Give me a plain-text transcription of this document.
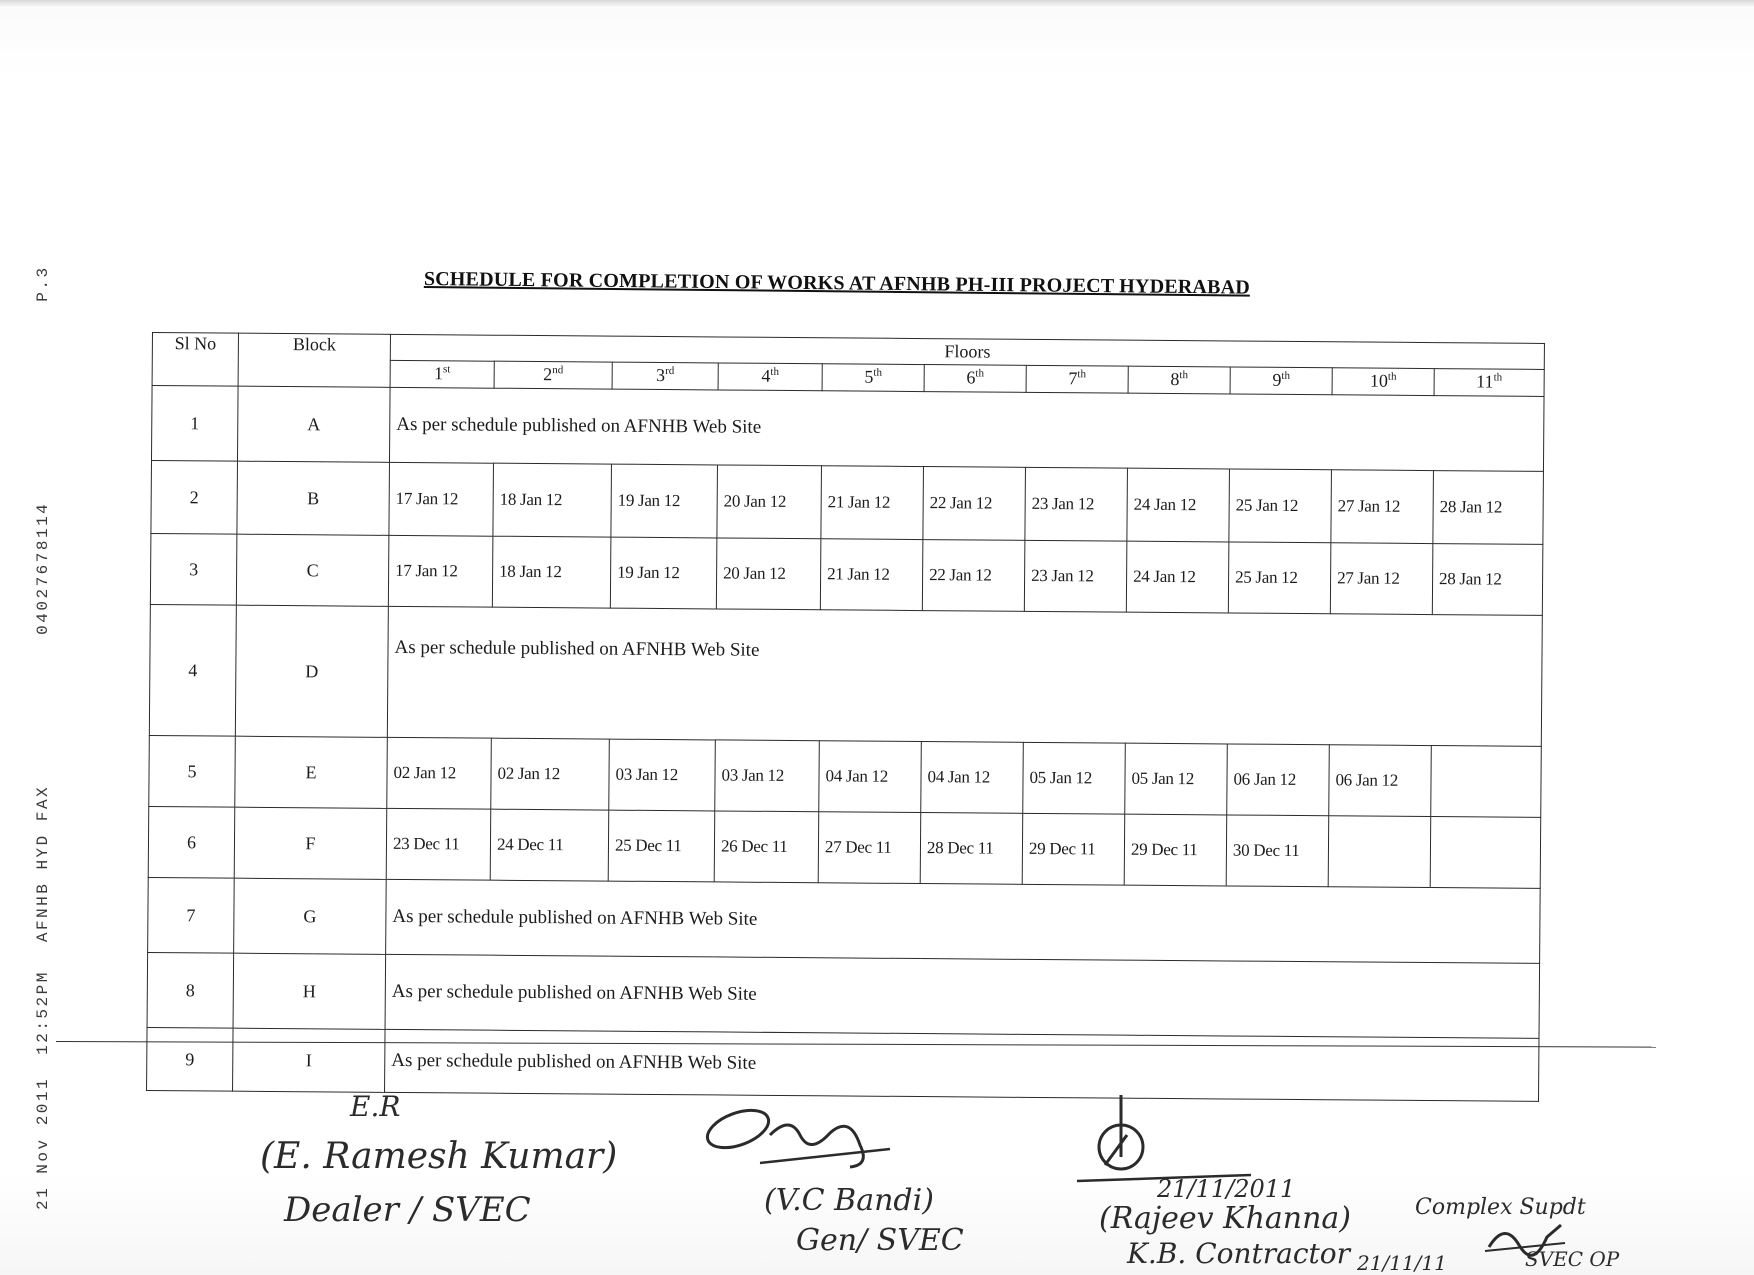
21 Nov 201112:52PMAFNHB HYD FAX04027678114P.3	SCHEDULE FOR COMPLETION OF WORKS AT AFNHB PH-III PROJECT HYDERABAD
Sl No	Block	Floors										
		1st	2nd	3rd	4th	5th	6th	7th	8th	9th	10th	11th
1	A	As per schedule published on AFNHB Web Site										
2	B	17 Jan 12	18 Jan 12	19 Jan 12	20 Jan 12	21 Jan 12	22 Jan 12	23 Jan 12	24 Jan 12	25 Jan 12	27 Jan 12	28 Jan 12
3	C	17 Jan 12	18 Jan 12	19 Jan 12	20 Jan 12	21 Jan 12	22 Jan 12	23 Jan 12	24 Jan 12	25 Jan 12	27 Jan 12	28 Jan 12
4	D	As per schedule published on AFNHB Web Site										
5	E	02 Jan 12	02 Jan 12	03 Jan 12	03 Jan 12	04 Jan 12	04 Jan 12	05 Jan 12	05 Jan 12	06 Jan 12	06 Jan 12	
6	F	23 Dec 11	24 Dec 11	25 Dec 11	26 Dec 11	27 Dec 11	28 Dec 11	29 Dec 11	29 Dec 11	30 Dec 11		
7	G	As per schedule published on AFNHB Web Site										
8	H	As per schedule published on AFNHB Web Site										
9	I	As per schedule published on AFNHB Web Site										
E.R
(E. Ramesh Kumar)
Dealer / SVEC	(V.C Bandi)
Gen/ SVEC
21/11/2011
(Rajeev Khanna)
K.B. Contractor
Complex Supdt
21/11/11	SVEC OP
